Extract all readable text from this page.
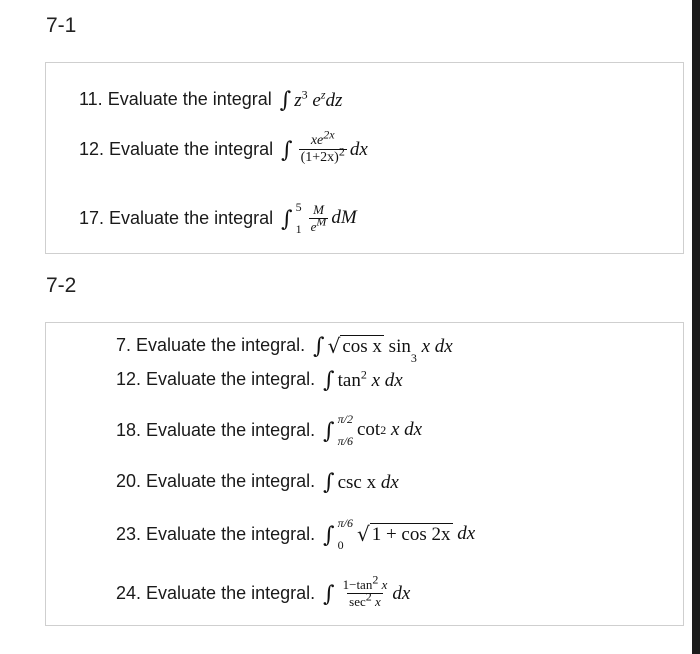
7-1
11. Evaluate the integral ∫ $z^3$ $e^zdz$
12. Evaluate the integral ∫ $\frac{xe^{2x}}{(1+2x)^2}$ dx
17. Evaluate the integral ∫ 5
$1 \frac{M}{e^M}$ dM
7-2
7. Evaluate the integral. ∫ √ cos x
sin
3

x
dx
12. Evaluate the integral. ∫ $\tan^2 x$ dx
18. Evaluate the integral. ∫ π/2
π/6
cot 2
x
dx
20. Evaluate the integral. ∫ csc x dx
23. Evaluate the integral. ∫ π/6
0 √ 1 + cos 2x
dx
24. Evaluate the integral. ∫ $\frac{1-\tan^2 x}{\sec^2 x}$ dx
